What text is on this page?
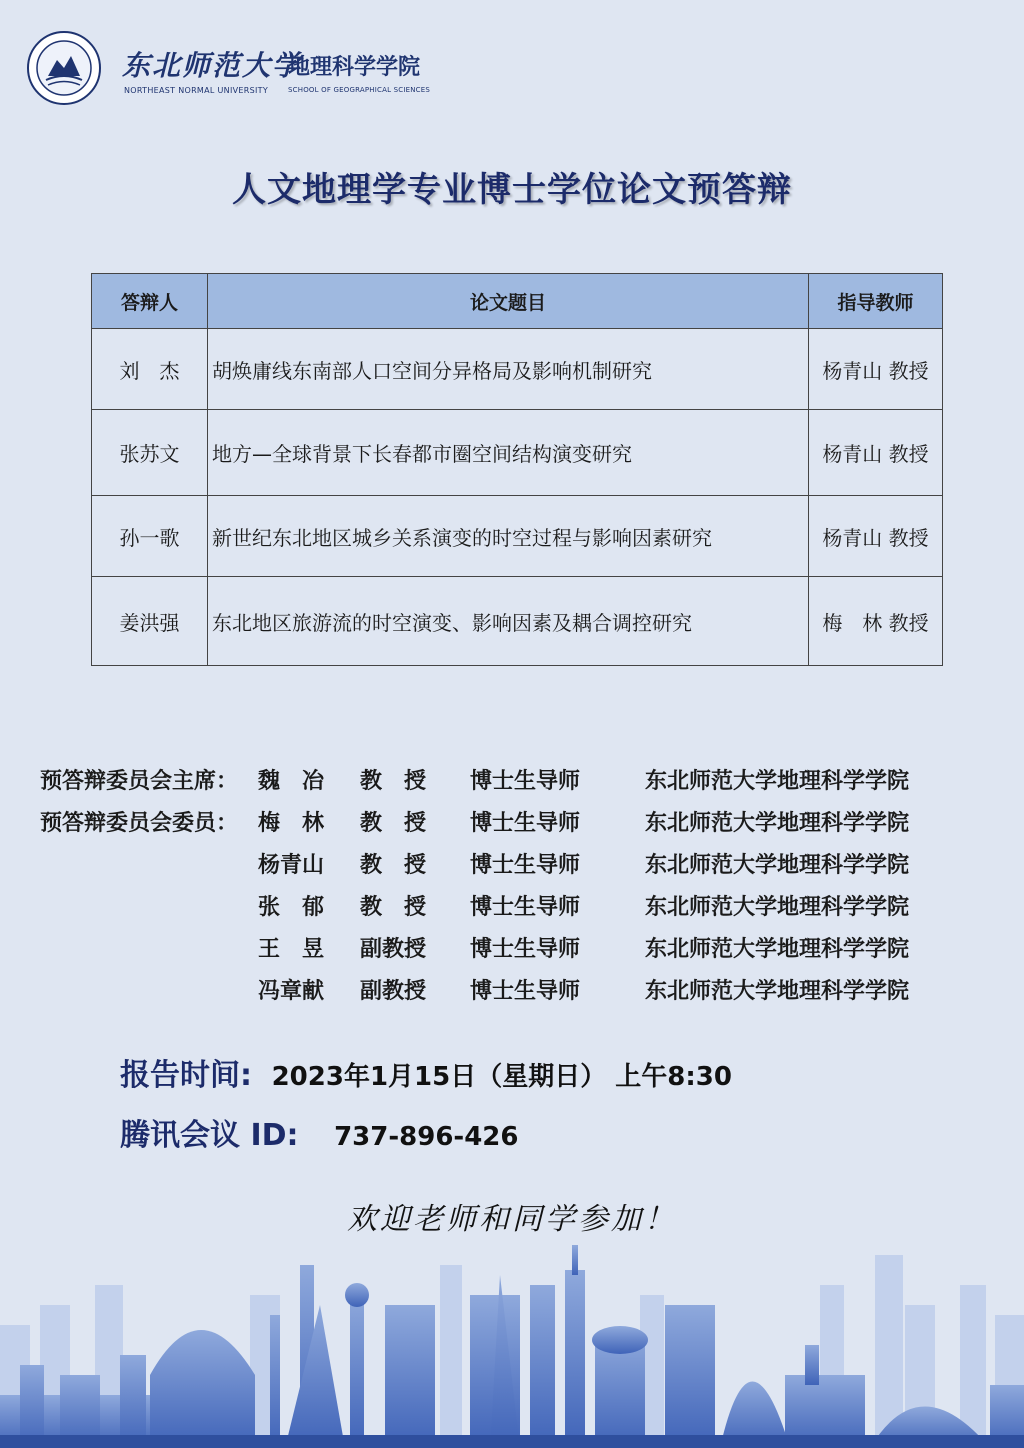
东北师范大学
地理科学学院
NORTHEAST NORMAL UNIVERSITY	SCHOOL OF GEOGRAPHICAL SCIENCES
人文地理学专业博士学位论文预答辩
答辩人	论文题目	指导教师
刘　杰	胡焕庸线东南部人口空间分异格局及影响机制研究	杨青山 教授
张苏文	地方—全球背景下长春都市圈空间结构演变研究	杨青山 教授
孙一歌	新世纪东北地区城乡关系演变的时空过程与影响因素研究	杨青山 教授
姜洪强	东北地区旅游流的时空演变、影响因素及耦合调控研究	梅　林 教授
预答辩委员会主席： 魏　冶 教　授 博士生导师	东北师范大学地理科学学院
预答辩委员会委员： 梅　林 教　授 博士生导师	东北师范大学地理科学学院
杨青山 教　授 博士生导师	东北师范大学地理科学学院
张　郁 教　授 博士生导师	东北师范大学地理科学学院
王　昱 副教授 博士生导师	东北师范大学地理科学学院
冯章献 副教授 博士生导师	东北师范大学地理科学学院
报告时间: 2023年1月15日（星期日） 上午8:30
腾讯会议 ID: 737-896-426
欢迎老师和同学参加！
